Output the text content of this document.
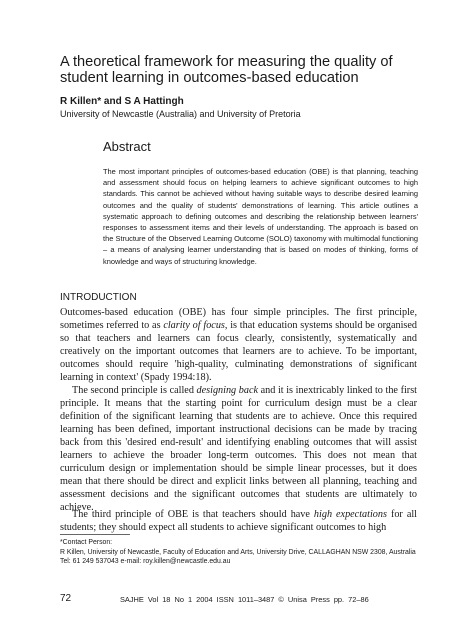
A theoretical framework for measuring the quality of student learning in outcomes-based education
R Killen* and S A Hattingh
University of Newcastle (Australia) and University of Pretoria
Abstract

The most important principles of outcomes-based education (OBE) is that planning, teaching and assessment should focus on helping learners to achieve significant outcomes to high standards. This cannot be achieved without having suitable ways to describe desired learning outcomes and the quality of students' demonstrations of learning. This article outlines a systematic approach to defining outcomes and describing the relationship between learners' responses to assessment items and their levels of understanding. The approach is based on the Structure of the Observed Learning Outcome (SOLO) taxonomy with multimodal functioning – a means of analysing learner understanding that is based on modes of thinking, forms of knowledge and ways of structuring knowledge.

INTRODUCTION

Outcomes-based education (OBE) has four simple principles. The first principle, sometimes referred to as clarity of focus, is that education systems should be organised so that teachers and learners can focus clearly, consistently, systematically and creatively on the important outcomes that learners are to achieve. To be important, outcomes should require 'high-quality, culminating demonstrations of significant learning in context' (Spady 1994:18).

The second principle is called designing back and it is inextricably linked to the first principle. It means that the starting point for curriculum design must be a clear definition of the significant learning that students are to achieve. Once this required learning has been defined, important instructional decisions can be made by tracing back from this 'desired end-result' and identifying enabling outcomes that will assist learners to achieve the broader long-term outcomes. This does not mean that curriculum design or implementation should be simple linear processes, but it does mean that there should be direct and explicit links between all planning, teaching and assessment decisions and the significant outcomes that students are ultimately to achieve.

The third principle of OBE is that teachers should have high expectations for all students; they should expect all students to achieve significant outcomes to high

*Contact Person:
R Killen, University of Newcastle, Faculty of Education and Arts, University Drive, CALLAGHAN NSW 2308, Australia
Tel: 61 249 537043 e-mail: roy.killen@newcastle.edu.au
72	SAJHE Vol 18 No 1 2004 ISSN 1011–3487 © Unisa Press pp. 72–86
